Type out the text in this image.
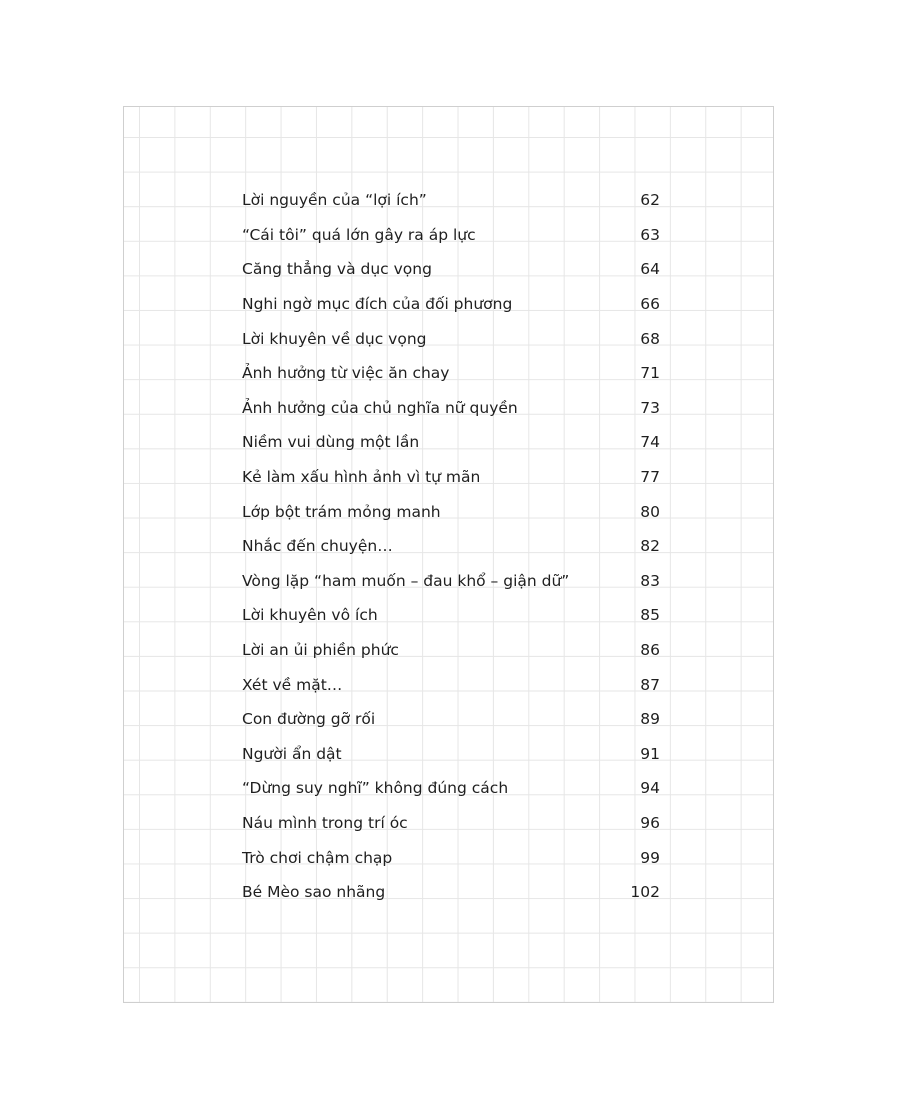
Lời nguyền của “lợi ích”	62
“Cái tôi” quá lớn gây ra áp lực	63
Căng thẳng và dục vọng	64
Nghi ngờ mục đích của đối phương	66
Lời khuyên về dục vọng	68
Ảnh hưởng từ việc ăn chay	71
Ảnh hưởng của chủ nghĩa nữ quyền	73
Niềm vui dùng một lần	74
Kẻ làm xấu hình ảnh vì tự mãn	77
Lớp bột trám mỏng manh	80
Nhắc đến chuyện…	82
Vòng lặp “ham muốn – đau khổ – giận dữ”	83
Lời khuyên vô ích	85
Lời an ủi phiền phức	86
Xét về mặt…	87
Con đường gỡ rối	89
Người ẩn dật	91
“Dừng suy nghĩ” không đúng cách	94
Náu mình trong trí óc	96
Trò chơi chậm chạp	99
Bé Mèo sao nhãng	102
